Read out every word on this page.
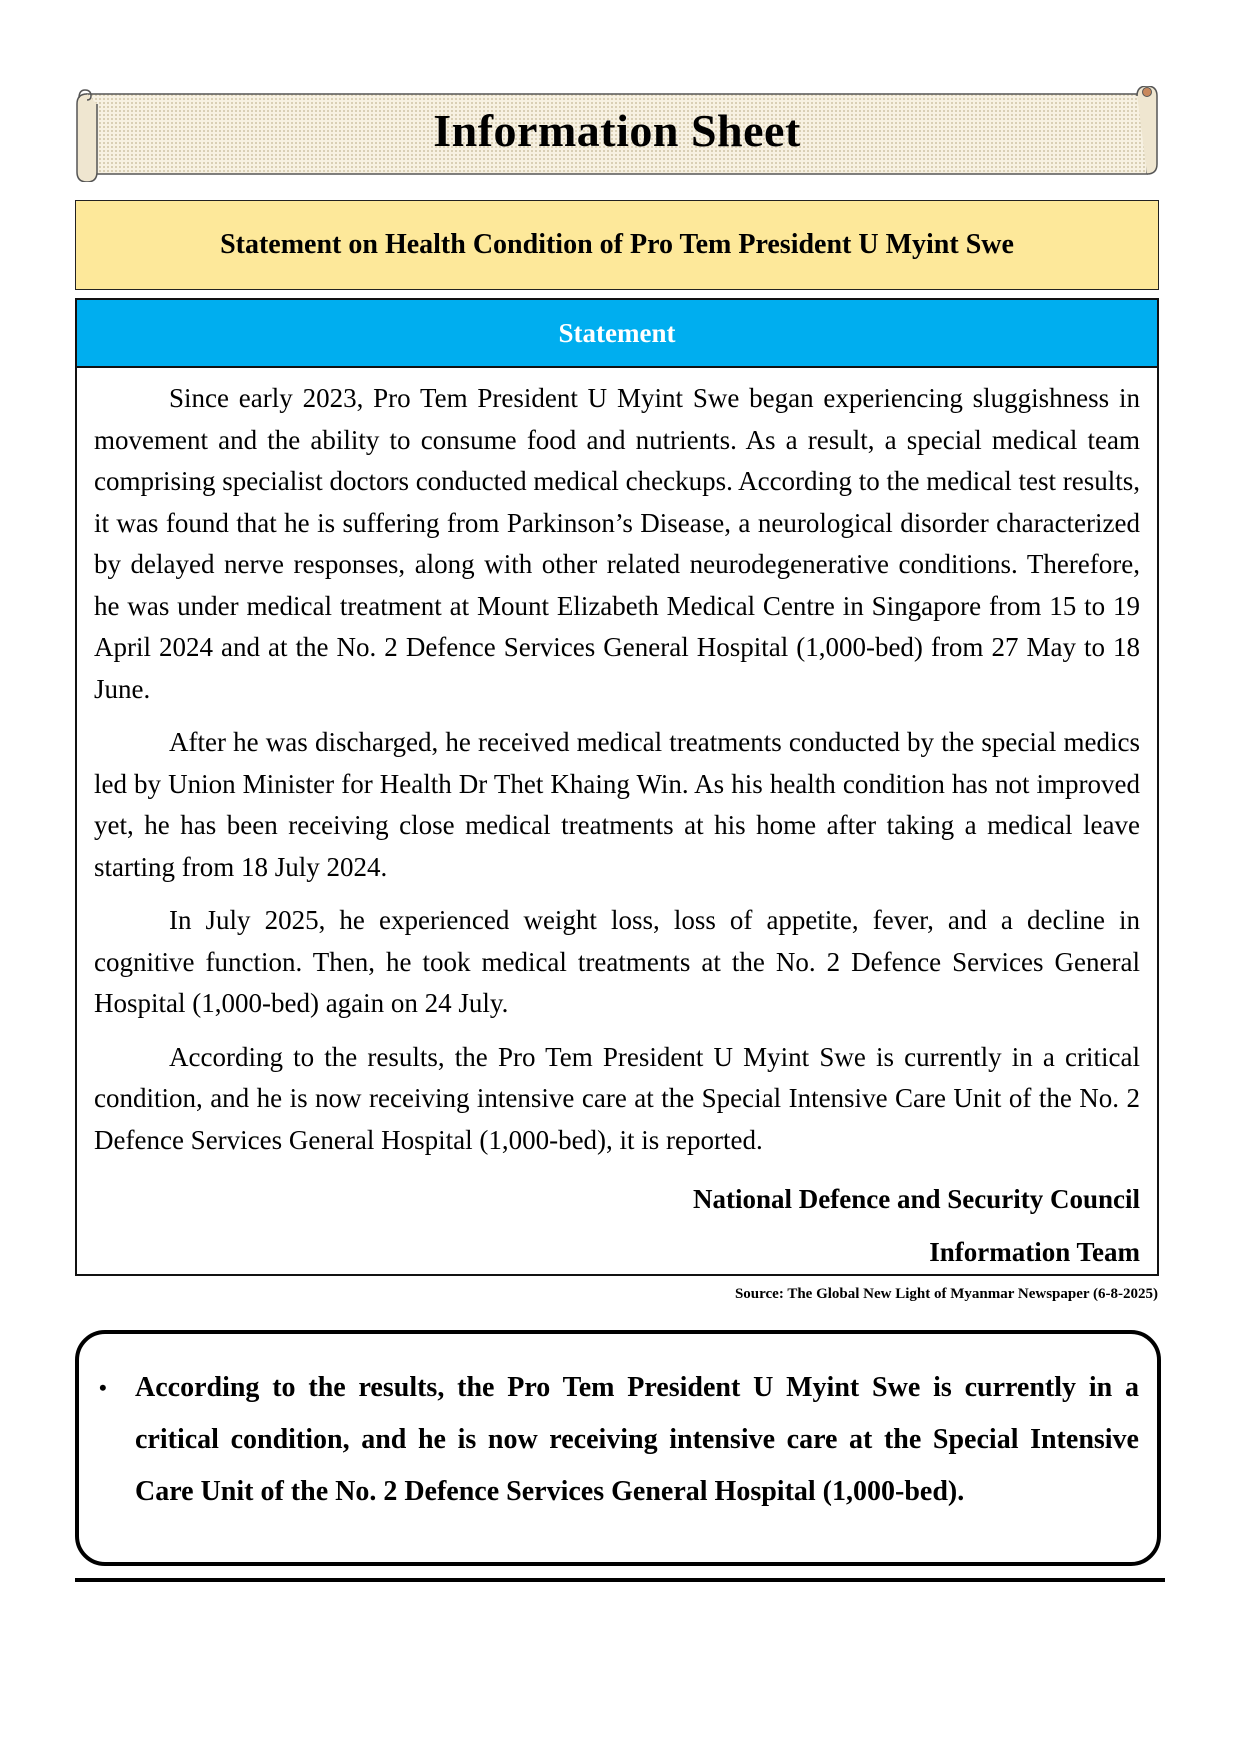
Information Sheet
Statement on Health Condition of Pro Tem President U Myint Swe
Statement

Since early 2023, Pro Tem President U Myint Swe began experiencing sluggishness in movement and the ability to consume food and nutrients. As a result, a special medical team comprising specialist doctors conducted medical checkups. According to the medical test results, it was found that he is suffering from Parkinson’s Disease, a neurological disorder characterized by delayed nerve responses, along with other related neurodegenerative conditions. Therefore, he was under medical treatment at Mount Elizabeth Medical Centre in Singapore from 15 to 19 April 2024 and at the No. 2 Defence Services General Hospital (1,000-bed) from 27 May to 18 June.

After he was discharged, he received medical treatments conducted by the special medics led by Union Minister for Health Dr Thet Khaing Win. As his health condition has not improved yet, he has been receiving close medical treatments at his home after taking a medical leave starting from 18 July 2024.

In July 2025, he experienced weight loss, loss of appetite, fever, and a decline in cognitive function. Then, he took medical treatments at the No. 2 Defence Services General Hospital (1,000-bed) again on 24 July.

According to the results, the Pro Tem President U Myint Swe is currently in a critical condition, and he is now receiving intensive care at the Special Intensive Care Unit of the No. 2 Defence Services General Hospital (1,000-bed), it is reported.

National Defence and Security Council
Information Team
Source: The Global New Light of Myanmar Newspaper (6-8-2025)
• According to the results, the Pro Tem President U Myint Swe is currently in a critical condition, and he is now receiving intensive care at the Special Intensive Care Unit of the No. 2 Defence Services General Hospital (1,000-bed).
